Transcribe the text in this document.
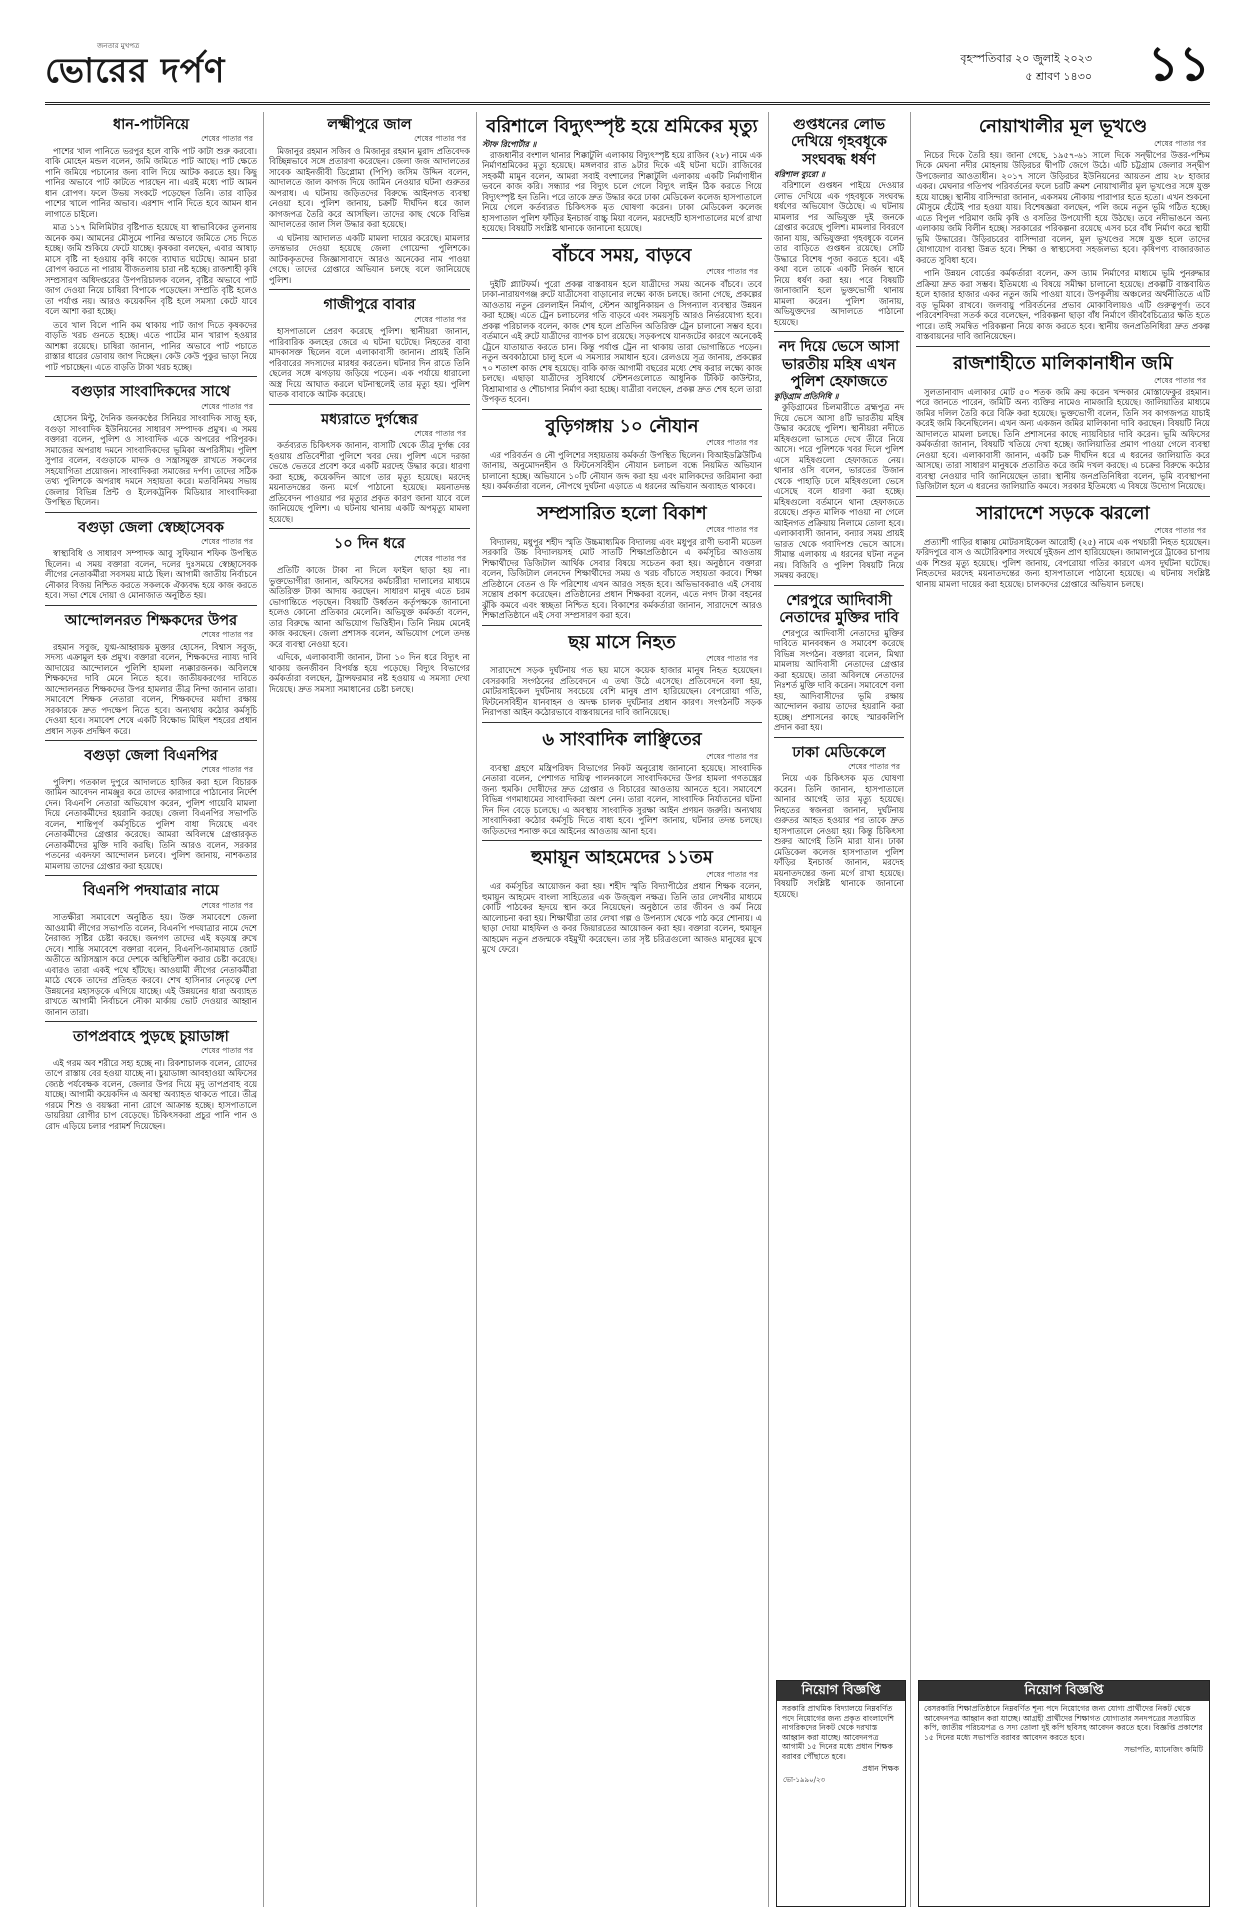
জনতার মুখপত্র
ভোরের দর্পণ	বৃহস্পতিবার ২০ জুলাই ২০২৩
৫ শ্রাবণ ১৪৩০ ১১
ধান-পাটনিয়ে
শেষের পাতার পর

পাশের খাল পানিতে ভরপুর হলে বাকি পাট কাটা শুরু করবো। বাকি মোহেন মন্ডল বলেন, জমি জমিতে পাট আছে। পাট ক্ষেতে পানি জমিয়ে পচানোর জন্য বালি দিয়ে আটক করতে হয়। কিছু পানির অভাবে পাট কাটতে পারছেন না। এরই মধ্যে পাট আমন ধান রোপণ। ফলে উভয় সংকটে পড়েছেন তিনি। তার বাড়ির পাশের খালে পানির অভাব। এরশাদ পানি দিতে হবে আমন ধান লাগাতে চাইলে।

মাত্র ১১৭ মিলিমিটার বৃষ্টিপাত হয়েছে যা স্বাভাবিকের তুলনায় অনেক কম। আমনের মৌসুমে পানির অভাবে জমিতে সেচ দিতে হচ্ছে। জমি শুকিয়ে ফেটে যাচ্ছে। কৃষকরা বলছেন, এবার আষাঢ় মাসে বৃষ্টি না হওয়ায় কৃষি কাজে ব্যাঘাত ঘটেছে। আমন চারা রোপণ করতে না পারায় বীজতলায় চারা নষ্ট হচ্ছে। রাজশাহী কৃষি সম্প্রসারণ অধিদপ্তরের উপপরিচালক বলেন, বৃষ্টির অভাবে পাট জাগ দেওয়া নিয়ে চাষিরা বিপাকে পড়েছেন। সম্প্রতি বৃষ্টি হলেও তা পর্যাপ্ত নয়। আরও কয়েকদিন বৃষ্টি হলে সমস্যা কেটে যাবে বলে আশা করা হচ্ছে।

তবে খাল বিলে পানি কম থাকায় পাট জাগ দিতে কৃষকদের বাড়তি খরচ গুনতে হচ্ছে। এতে পাটের মান খারাপ হওয়ার আশঙ্কা রয়েছে। চাষিরা জানান, পানির অভাবে পাট পচাতে রাস্তার ধারের ডোবায় জাগ দিচ্ছেন। কেউ কেউ পুকুর ভাড়া নিয়ে পাট পচাচ্ছেন। এতে বাড়তি টাকা খরচ হচ্ছে।

বগুড়ার সাংবাদিকদের সাথে
শেষের পাতার পর

হোসেন মিন্টু, দৈনিক জনকণ্ঠের সিনিয়র সাংবাদিক সাজু হক, বগুড়া সাংবাদিক ইউনিয়নের সাধারণ সম্পাদক প্রমুখ। এ সময় বক্তারা বলেন, পুলিশ ও সাংবাদিক একে অপরের পরিপূরক। সমাজের অপরাধ দমনে সাংবাদিকদের ভূমিকা অপরিসীম। পুলিশ সুপার বলেন, বগুড়াকে মাদক ও সন্ত্রাসমুক্ত রাখতে সকলের সহযোগিতা প্রয়োজন। সাংবাদিকরা সমাজের দর্পণ। তাদের সঠিক তথ্য পুলিশকে অপরাধ দমনে সহায়তা করে। মতবিনিময় সভায় জেলার বিভিন্ন প্রিন্ট ও ইলেকট্রনিক মিডিয়ার সাংবাদিকরা উপস্থিত ছিলেন।

বগুড়া জেলা স্বেচ্ছাসেবক
শেষের পাতার পর

স্বাস্থ্যবিধি ও সাধারণ সম্পাদক আবু সুফিয়ান শফিক উপস্থিত ছিলেন। এ সময় বক্তারা বলেন, দলের দুঃসময়ে স্বেচ্ছাসেবক লীগের নেতাকর্মীরা সবসময় মাঠে ছিল। আগামী জাতীয় নির্বাচনে নৌকার বিজয় নিশ্চিত করতে সকলকে ঐক্যবদ্ধ হয়ে কাজ করতে হবে। সভা শেষে দোয়া ও মোনাজাত অনুষ্ঠিত হয়।

আন্দোলনরত শিক্ষকদের উপর
শেষের পাতার পর

রহমান সবুজ, যুগ্ম-আহ্বায়ক মুক্তার হোসেন, বিশ্বাস সবুজ, সদস্য এক্রামুল হক প্রমুখ। বক্তারা বলেন, শিক্ষকদের ন্যায্য দাবি আদায়ের আন্দোলনে পুলিশি হামলা ন্যক্কারজনক। অবিলম্বে শিক্ষকদের দাবি মেনে নিতে হবে। জাতীয়করণের দাবিতে আন্দোলনরত শিক্ষকদের উপর হামলার তীব্র নিন্দা জানান তারা। সমাবেশে শিক্ষক নেতারা বলেন, শিক্ষকদের মর্যাদা রক্ষায় সরকারকে দ্রুত পদক্ষেপ নিতে হবে। অন্যথায় কঠোর কর্মসূচি দেওয়া হবে। সমাবেশ শেষে একটি বিক্ষোভ মিছিল শহরের প্রধান প্রধান সড়ক প্রদক্ষিণ করে।

বগুড়া জেলা বিএনপির
শেষের পাতার পর

পুলিশ। গতকাল দুপুরে আদালতে হাজির করা হলে বিচারক জামিন আবেদন নামঞ্জুর করে তাদের কারাগারে পাঠানোর নির্দেশ দেন। বিএনপি নেতারা অভিযোগ করেন, পুলিশ গায়েবি মামলা দিয়ে নেতাকর্মীদের হয়রানি করছে। জেলা বিএনপির সভাপতি বলেন, শান্তিপূর্ণ কর্মসূচিতে পুলিশ বাধা দিয়েছে এবং নেতাকর্মীদের গ্রেপ্তার করেছে। আমরা অবিলম্বে গ্রেপ্তারকৃত নেতাকর্মীদের মুক্তি দাবি করছি। তিনি আরও বলেন, সরকার পতনের একদফা আন্দোলন চলবে। পুলিশ জানায়, নাশকতার মামলায় তাদের গ্রেপ্তার করা হয়েছে।

বিএনপি পদযাত্রার নামে
শেষের পাতার পর

সাতক্ষীরা সমাবেশে অনুষ্ঠিত হয়। উক্ত সমাবেশে জেলা আওয়ামী লীগের সভাপতি বলেন, বিএনপি পদযাত্রার নামে দেশে নৈরাজ্য সৃষ্টির চেষ্টা করছে। জনগণ তাদের এই ষড়যন্ত্র রুখে দেবে। শান্তি সমাবেশে বক্তারা বলেন, বিএনপি-জামায়াত জোট অতীতে অগ্নিসন্ত্রাস করে দেশকে অস্থিতিশীল করার চেষ্টা করেছে। এবারও তারা একই পথে হাঁটছে। আওয়ামী লীগের নেতাকর্মীরা মাঠে থেকে তাদের প্রতিহত করবে। শেখ হাসিনার নেতৃত্বে দেশ উন্নয়নের মহাসড়কে এগিয়ে যাচ্ছে। এই উন্নয়নের ধারা অব্যাহত রাখতে আগামী নির্বাচনে নৌকা মার্কায় ভোট দেওয়ার আহ্বান জানান তারা।

তাপপ্রবাহে পুড়ছে চুয়াডাঙ্গা
শেষের পাতার পর

এই গরম অব শরীরে সহ্য হচ্ছে না। রিকশাচালক বলেন, রোদের তাপে রাস্তায় বের হওয়া যাচ্ছে না। চুয়াডাঙ্গা আবহাওয়া অফিসের জ্যেষ্ঠ পর্যবেক্ষক বলেন, জেলার উপর দিয়ে মৃদু তাপপ্রবাহ বয়ে যাচ্ছে। আগামী কয়েকদিন এ অবস্থা অব্যাহত থাকতে পারে। তীব্র গরমে শিশু ও বয়স্করা নানা রোগে আক্রান্ত হচ্ছে। হাসপাতালে ডায়রিয়া রোগীর চাপ বেড়েছে। চিকিৎসকরা প্রচুর পানি পান ও রোদ এড়িয়ে চলার পরামর্শ দিয়েছেন।

লক্ষ্মীপুরে জাল
শেষের পাতার পর

মিজানুর রহমান সজিব ও মিজানুর রহমান মুরাদ প্রতিবেদক বিচ্ছিন্নভাবে সঙ্গে প্রতারণা করেছেন। জেলা জজ আদালতের সাবেক আইনজীবী ডিপ্লোমা (পিপি) জসিম উদ্দিন বলেন, আদালতে জাল কাগজ দিয়ে জামিন নেওয়ার ঘটনা গুরুতর অপরাধ। এ ঘটনায় জড়িতদের বিরুদ্ধে আইনগত ব্যবস্থা নেওয়া হবে। পুলিশ জানায়, চক্রটি দীর্ঘদিন ধরে জাল কাগজপত্র তৈরি করে আসছিল। তাদের কাছ থেকে বিভিন্ন আদালতের জাল সিল উদ্ধার করা হয়েছে।

এ ঘটনায় আদালত একটি মামলা দায়ের করেছে। মামলার তদন্তভার দেওয়া হয়েছে জেলা গোয়েন্দা পুলিশকে। আটককৃতদের জিজ্ঞাসাবাদে আরও অনেকের নাম পাওয়া গেছে। তাদের গ্রেপ্তারে অভিযান চলছে বলে জানিয়েছে পুলিশ।

গাজীপুরে বাবার
শেষের পাতার পর

হাসপাতালে প্রেরণ করেছে পুলিশ। স্থানীয়রা জানান, পারিবারিক কলহের জেরে এ ঘটনা ঘটেছে। নিহতের বাবা মাদকাসক্ত ছিলেন বলে এলাকাবাসী জানান। প্রায়ই তিনি পরিবারের সদস্যদের মারধর করতেন। ঘটনার দিন রাতে তিনি ছেলের সঙ্গে ঝগড়ায় জড়িয়ে পড়েন। এক পর্যায়ে ধারালো অস্ত্র দিয়ে আঘাত করলে ঘটনাস্থলেই তার মৃত্যু হয়। পুলিশ ঘাতক বাবাকে আটক করেছে।

মধ্যরাতে দুর্গন্ধের
শেষের পাতার পর

কর্তব্যরত চিকিৎসক জানান, বাসাটি থেকে তীব্র দুর্গন্ধ বের হওয়ায় প্রতিবেশীরা পুলিশে খবর দেয়। পুলিশ এসে দরজা ভেঙে ভেতরে প্রবেশ করে একটি মরদেহ উদ্ধার করে। ধারণা করা হচ্ছে, কয়েকদিন আগে তার মৃত্যু হয়েছে। মরদেহ ময়নাতদন্তের জন্য মর্গে পাঠানো হয়েছে। ময়নাতদন্ত প্রতিবেদন পাওয়ার পর মৃত্যুর প্রকৃত কারণ জানা যাবে বলে জানিয়েছে পুলিশ। এ ঘটনায় থানায় একটি অপমৃত্যু মামলা হয়েছে।

১০ দিন ধরে
শেষের পাতার পর

প্রতিটি কাজে টাকা না দিলে ফাইল ছাড়া হয় না। ভুক্তভোগীরা জানান, অফিসের কর্মচারীরা দালালের মাধ্যমে অতিরিক্ত টাকা আদায় করছেন। সাধারণ মানুষ এতে চরম ভোগান্তিতে পড়ছেন। বিষয়টি উর্ধ্বতন কর্তৃপক্ষকে জানানো হলেও কোনো প্রতিকার মেলেনি। অভিযুক্ত কর্মকর্তা বলেন, তার বিরুদ্ধে আনা অভিযোগ ভিত্তিহীন। তিনি নিয়ম মেনেই কাজ করছেন। জেলা প্রশাসক বলেন, অভিযোগ পেলে তদন্ত করে ব্যবস্থা নেওয়া হবে।

এদিকে, এলাকাবাসী জানান, টানা ১০ দিন ধরে বিদ্যুৎ না থাকায় জনজীবন বিপর্যস্ত হয়ে পড়েছে। বিদ্যুৎ বিভাগের কর্মকর্তারা বলছেন, ট্রান্সফরমার নষ্ট হওয়ায় এ সমস্যা দেখা দিয়েছে। দ্রুত সমস্যা সমাধানের চেষ্টা চলছে।

বরিশালে বিদ্যুৎস্পৃষ্ট হয়ে শ্রমিকের মৃত্যু
স্টাফ রিপোর্টার ॥

রাজধানীর বংশাল থানার শিক্কাটুলি এলাকায় বিদ্যুৎস্পৃষ্ট হয়ে রাজিব (২৮) নামে এক নির্মাণশ্রমিকের মৃত্যু হয়েছে। মঙ্গলবার রাত ৯টার দিকে এই ঘটনা ঘটে। রাজিবের সহকর্মী মামুন বলেন, আমরা সবাই বংশালের শিক্কাটুলি এলাকায় একটি নির্মাণাধীন ভবনে কাজ করি। সন্ধ্যার পর বিদ্যুৎ চলে গেলে বিদ্যুৎ লাইন ঠিক করতে গিয়ে বিদ্যুৎস্পৃষ্ট হন তিনি। পরে তাকে দ্রুত উদ্ধার করে ঢাকা মেডিকেল কলেজ হাসপাতালে নিয়ে গেলে কর্তব্যরত চিকিৎসক মৃত ঘোষণা করেন। ঢাকা মেডিকেল কলেজ হাসপাতাল পুলিশ ফাঁড়ির ইনচার্জ বাচ্চু মিয়া বলেন, মরদেহটি হাসপাতালের মর্গে রাখা হয়েছে। বিষয়টি সংশ্লিষ্ট থানাকে জানানো হয়েছে।

বাঁচবে সময়, বাড়বে
শেষের পাতার পর

দুইটি প্ল্যাটফর্ম। পুরো প্রকল্প বাস্তবায়ন হলে যাত্রীদের সময় অনেক বাঁচবে। তবে ঢাকা-নারায়ণগঞ্জ রুটে যাত্রীসেবা বাড়ানোর লক্ষ্যে কাজ চলছে। জানা গেছে, প্রকল্পের আওতায় নতুন রেললাইন নির্মাণ, স্টেশন আধুনিকায়ন ও সিগন্যাল ব্যবস্থার উন্নয়ন করা হচ্ছে। এতে ট্রেন চলাচলের গতি বাড়বে এবং সময়সূচি আরও নির্ভরযোগ্য হবে। প্রকল্প পরিচালক বলেন, কাজ শেষ হলে প্রতিদিন অতিরিক্ত ট্রেন চালানো সম্ভব হবে। বর্তমানে এই রুটে যাত্রীদের ব্যাপক চাপ রয়েছে। সড়কপথে যানজটের কারণে অনেকেই ট্রেনে যাতায়াত করতে চান। কিন্তু পর্যাপ্ত ট্রেন না থাকায় তারা ভোগান্তিতে পড়েন। নতুন অবকাঠামো চালু হলে এ সমস্যার সমাধান হবে। রেলওয়ে সূত্র জানায়, প্রকল্পের ৭০ শতাংশ কাজ শেষ হয়েছে। বাকি কাজ আগামী বছরের মধ্যে শেষ করার লক্ষ্যে কাজ চলছে। এছাড়া যাত্রীদের সুবিধার্থে স্টেশনগুলোতে আধুনিক টিকিট কাউন্টার, বিশ্রামাগার ও শৌচাগার নির্মাণ করা হচ্ছে। যাত্রীরা বলছেন, প্রকল্প দ্রুত শেষ হলে তারা উপকৃত হবেন।

বুড়িগঙ্গায় ১০ নৌযান
শেষের পাতার পর

এর পরিবর্তন ও নৌ পুলিশের সহায়তায় কর্মকর্তা উপস্থিত ছিলেন। বিআইডব্লিউটিএ জানায়, অনুমোদনহীন ও ফিটনেসবিহীন নৌযান চলাচল বন্ধে নিয়মিত অভিযান চালানো হচ্ছে। অভিযানে ১০টি নৌযান জব্দ করা হয় এবং মালিকদের জরিমানা করা হয়। কর্মকর্তারা বলেন, নৌপথে দুর্ঘটনা এড়াতে এ ধরনের অভিযান অব্যাহত থাকবে।

সম্প্রসারিত হলো বিকাশ
শেষের পাতার পর

বিদ্যালয়, মধুপুর শহীদ স্মৃতি উচ্চমাধ্যমিক বিদ্যালয় এবং মধুপুর রাণী ভবানী মডেল সরকারি উচ্চ বিদ্যালয়সহ মোট সাতটি শিক্ষাপ্রতিষ্ঠানে এ কর্মসূচির আওতায় শিক্ষার্থীদের ডিজিটাল আর্থিক সেবার বিষয়ে সচেতন করা হয়। অনুষ্ঠানে বক্তারা বলেন, ডিজিটাল লেনদেন শিক্ষার্থীদের সময় ও খরচ বাঁচাতে সহায়তা করবে। শিক্ষা প্রতিষ্ঠানে বেতন ও ফি পরিশোধ এখন আরও সহজ হবে। অভিভাবকরাও এই সেবায় সন্তোষ প্রকাশ করেছেন। প্রতিষ্ঠানের প্রধান শিক্ষকরা বলেন, এতে নগদ টাকা বহনের ঝুঁকি কমবে এবং স্বচ্ছতা নিশ্চিত হবে। বিকাশের কর্মকর্তারা জানান, সারাদেশে আরও শিক্ষাপ্রতিষ্ঠানে এই সেবা সম্প্রসারণ করা হবে।

ছয় মাসে নিহত
শেষের পাতার পর

সারাদেশে সড়ক দুর্ঘটনায় গত ছয় মাসে কয়েক হাজার মানুষ নিহত হয়েছেন। বেসরকারি সংগঠনের প্রতিবেদনে এ তথ্য উঠে এসেছে। প্রতিবেদনে বলা হয়, মোটরসাইকেল দুর্ঘটনায় সবচেয়ে বেশি মানুষ প্রাণ হারিয়েছেন। বেপরোয়া গতি, ফিটনেসবিহীন যানবাহন ও অদক্ষ চালক দুর্ঘটনার প্রধান কারণ। সংগঠনটি সড়ক নিরাপত্তা আইন কঠোরভাবে বাস্তবায়নের দাবি জানিয়েছে।

৬ সাংবাদিক লাঞ্ছিতের
শেষের পাতার পর

ব্যবস্থা গ্রহণে মন্ত্রিপরিষদ বিভাগের নিকট অনুরোধ জানানো হয়েছে। সাংবাদিক নেতারা বলেন, পেশাগত দায়িত্ব পালনকালে সাংবাদিকদের উপর হামলা গণতন্ত্রের জন্য হুমকি। দোষীদের দ্রুত গ্রেপ্তার ও বিচারের আওতায় আনতে হবে। সমাবেশে বিভিন্ন গণমাধ্যমের সাংবাদিকরা অংশ নেন। তারা বলেন, সাংবাদিক নির্যাতনের ঘটনা দিন দিন বেড়ে চলেছে। এ অবস্থায় সাংবাদিক সুরক্ষা আইন প্রণয়ন জরুরি। অন্যথায় সাংবাদিকরা কঠোর কর্মসূচি দিতে বাধ্য হবে। পুলিশ জানায়, ঘটনার তদন্ত চলছে। জড়িতদের শনাক্ত করে আইনের আওতায় আনা হবে।

হুমায়ূন আহমেদের ১১তম
শেষের পাতার পর

এর কর্মসূচির আয়োজন করা হয়। শহীদ স্মৃতি বিদ্যাপীঠের প্রধান শিক্ষক বলেন, হুমায়ূন আহমেদ বাংলা সাহিত্যের এক উজ্জ্বল নক্ষত্র। তিনি তার লেখনীর মাধ্যমে কোটি পাঠকের হৃদয়ে স্থান করে নিয়েছেন। অনুষ্ঠানে তার জীবন ও কর্ম নিয়ে আলোচনা করা হয়। শিক্ষার্থীরা তার লেখা গল্প ও উপন্যাস থেকে পাঠ করে শোনায়। এ ছাড়া দোয়া মাহফিল ও কবর জিয়ারতের আয়োজন করা হয়। বক্তারা বলেন, হুমায়ূন আহমেদ নতুন প্রজন্মকে বইমুখী করেছেন। তার সৃষ্ট চরিত্রগুলো আজও মানুষের মুখে মুখে ফেরে।

গুপ্তধনের লোভ দেখিয়ে গৃহবধূকে সংঘবদ্ধ ধর্ষণ
বরিশাল ব্যুরো ॥

বরিশালে গুপ্তধন পাইয়ে দেওয়ার লোভ দেখিয়ে এক গৃহবধূকে সংঘবদ্ধ ধর্ষণের অভিযোগ উঠেছে। এ ঘটনায় মামলার পর অভিযুক্ত দুই জনকে গ্রেপ্তার করেছে পুলিশ। মামলার বিবরণে জানা যায়, অভিযুক্তরা গৃহবধূকে বলেন তার বাড়িতে গুপ্তধন রয়েছে। সেটি উদ্ধারে বিশেষ পূজা করতে হবে। এই কথা বলে তাকে একটি নির্জন স্থানে নিয়ে ধর্ষণ করা হয়। পরে বিষয়টি জানাজানি হলে ভুক্তভোগী থানায় মামলা করেন। পুলিশ জানায়, অভিযুক্তদের আদালতে পাঠানো হয়েছে।

নদ দিয়ে ভেসে আসা ভারতীয় মহিষ এখন পুলিশ হেফাজতে
কুড়িগ্রাম প্রতিনিধি ॥

কুড়িগ্রামের চিলমারীতে ব্রহ্মপুত্র নদ দিয়ে ভেসে আসা ৪টি ভারতীয় মহিষ উদ্ধার করেছে পুলিশ। স্থানীয়রা নদীতে মহিষগুলো ভাসতে দেখে তীরে নিয়ে আসে। পরে পুলিশকে খবর দিলে পুলিশ এসে মহিষগুলো হেফাজতে নেয়। থানার ওসি বলেন, ভারতের উজান থেকে পাহাড়ি ঢলে মহিষগুলো ভেসে এসেছে বলে ধারণা করা হচ্ছে। মহিষগুলো বর্তমানে থানা হেফাজতে রয়েছে। প্রকৃত মালিক পাওয়া না গেলে আইনগত প্রক্রিয়ায় নিলামে তোলা হবে। এলাকাবাসী জানান, বন্যার সময় প্রায়ই ভারত থেকে গবাদিপশু ভেসে আসে। সীমান্ত এলাকায় এ ধরনের ঘটনা নতুন নয়। বিজিবি ও পুলিশ বিষয়টি নিয়ে সমন্বয় করছে।

শেরপুরে আদিবাসী নেতাদের মুক্তির দাবি

শেরপুরে আদিবাসী নেতাদের মুক্তির দাবিতে মানববন্ধন ও সমাবেশ করেছে বিভিন্ন সংগঠন। বক্তারা বলেন, মিথ্যা মামলায় আদিবাসী নেতাদের গ্রেপ্তার করা হয়েছে। তারা অবিলম্বে নেতাদের নিঃশর্ত মুক্তি দাবি করেন। সমাবেশে বলা হয়, আদিবাসীদের ভূমি রক্ষায় আন্দোলন করায় তাদের হয়রানি করা হচ্ছে। প্রশাসনের কাছে স্মারকলিপি প্রদান করা হয়।

ঢাকা মেডিকেলে
শেষের পাতার পর

নিয়ে এক চিকিৎসক মৃত ঘোষণা করেন। তিনি জানান, হাসপাতালে আনার আগেই তার মৃত্যু হয়েছে। নিহতের স্বজনরা জানান, দুর্ঘটনায় গুরুতর আহত হওয়ার পর তাকে দ্রুত হাসপাতালে নেওয়া হয়। কিন্তু চিকিৎসা শুরুর আগেই তিনি মারা যান। ঢাকা মেডিকেল কলেজ হাসপাতাল পুলিশ ফাঁড়ির ইনচার্জ জানান, মরদেহ ময়নাতদন্তের জন্য মর্গে রাখা হয়েছে। বিষয়টি সংশ্লিষ্ট থানাকে জানানো হয়েছে।

নোয়াখালীর মূল ভূখণ্ডে
শেষের পাতার পর

নিচের দিকে তৈরি হয়। জানা গেছে, ১৯৫৭-৬১ সালে দিকে সন্দ্বীপের উত্তর-পশ্চিম দিকে মেঘনা নদীর মোহনায় উড়িরচর দ্বীপটি জেগে উঠে। এটি চট্টগ্রাম জেলার সন্দ্বীপ উপজেলার আওতাধীন। ২০১৭ সালে উড়িরচর ইউনিয়নের আয়তন প্রায় ২৮ হাজার একর। মেঘনার গতিপথ পরিবর্তনের ফলে চরটি ক্রমশ নোয়াখালীর মূল ভূখণ্ডের সঙ্গে যুক্ত হয়ে যাচ্ছে। স্থানীয় বাসিন্দারা জানান, একসময় নৌকায় পারাপার হতে হতো। এখন শুকনো মৌসুমে হেঁটেই পার হওয়া যায়। বিশেষজ্ঞরা বলছেন, পলি জমে নতুন ভূমি গঠিত হচ্ছে। এতে বিপুল পরিমাণ জমি কৃষি ও বসতির উপযোগী হয়ে উঠছে। তবে নদীভাঙনে অন্য এলাকায় জমি বিলীন হচ্ছে। সরকারের পরিকল্পনা রয়েছে এসব চরে বাঁধ নির্মাণ করে স্থায়ী ভূমি উদ্ধারের। উড়িরচরের বাসিন্দারা বলেন, মূল ভূখণ্ডের সঙ্গে যুক্ত হলে তাদের যোগাযোগ ব্যবস্থা উন্নত হবে। শিক্ষা ও স্বাস্থ্যসেবা সহজলভ্য হবে। কৃষিপণ্য বাজারজাত করতে সুবিধা হবে।

পানি উন্নয়ন বোর্ডের কর্মকর্তারা বলেন, ক্রস ড্যাম নির্মাণের মাধ্যমে ভূমি পুনরুদ্ধার প্রক্রিয়া দ্রুত করা সম্ভব। ইতিমধ্যে এ বিষয়ে সমীক্ষা চালানো হয়েছে। প্রকল্পটি বাস্তবায়িত হলে হাজার হাজার একর নতুন জমি পাওয়া যাবে। উপকূলীয় অঞ্চলের অর্থনীতিতে এটি বড় ভূমিকা রাখবে। জলবায়ু পরিবর্তনের প্রভাব মোকাবিলায়ও এটি গুরুত্বপূর্ণ। তবে পরিবেশবিদরা সতর্ক করে বলেছেন, পরিকল্পনা ছাড়া বাঁধ নির্মাণে জীববৈচিত্র্যের ক্ষতি হতে পারে। তাই সমন্বিত পরিকল্পনা নিয়ে কাজ করতে হবে। স্থানীয় জনপ্রতিনিধিরা দ্রুত প্রকল্প বাস্তবায়নের দাবি জানিয়েছেন।

রাজশাহীতে মালিকানাধীন জমি
শেষের পাতার পর

সুলতানাবাদ এলাকার মোট ৫০ শতক জমি ক্রয় করেন খন্দকার মোস্তাফেকুর রহমান। পরে জানতে পারেন, জমিটি অন্য ব্যক্তির নামেও নামজারি হয়েছে। জালিয়াতির মাধ্যমে জমির দলিল তৈরি করে বিক্রি করা হয়েছে। ভুক্তভোগী বলেন, তিনি সব কাগজপত্র যাচাই করেই জমি কিনেছিলেন। এখন অন্য একজন জমির মালিকানা দাবি করছেন। বিষয়টি নিয়ে আদালতে মামলা চলছে। তিনি প্রশাসনের কাছে ন্যায়বিচার দাবি করেন। ভূমি অফিসের কর্মকর্তারা জানান, বিষয়টি খতিয়ে দেখা হচ্ছে। জালিয়াতির প্রমাণ পাওয়া গেলে ব্যবস্থা নেওয়া হবে। এলাকাবাসী জানান, একটি চক্র দীর্ঘদিন ধরে এ ধরনের জালিয়াতি করে আসছে। তারা সাধারণ মানুষকে প্রতারিত করে জমি দখল করছে। এ চক্রের বিরুদ্ধে কঠোর ব্যবস্থা নেওয়ার দাবি জানিয়েছেন তারা। স্থানীয় জনপ্রতিনিধিরা বলেন, ভূমি ব্যবস্থাপনা ডিজিটাল হলে এ ধরনের জালিয়াতি কমবে। সরকার ইতিমধ্যে এ বিষয়ে উদ্যোগ নিয়েছে।

সারাদেশে সড়কে ঝরলো
শেষের পাতার পর

প্রত্যাশী গাড়ির ধাক্কায় মোটরসাইকেল আরোহী (২৫) নামে এক পথচারী নিহত হয়েছেন। ফরিদপুরে বাস ও অটোরিকশার সংঘর্ষে দুইজন প্রাণ হারিয়েছেন। জামালপুরে ট্রাকের চাপায় এক শিশুর মৃত্যু হয়েছে। পুলিশ জানায়, বেপরোয়া গতির কারণে এসব দুর্ঘটনা ঘটেছে। নিহতদের মরদেহ ময়নাতদন্তের জন্য হাসপাতালে পাঠানো হয়েছে। এ ঘটনায় সংশ্লিষ্ট থানায় মামলা দায়ের করা হয়েছে। চালকদের গ্রেপ্তারে অভিযান চলছে।

নিয়োগ বিজ্ঞপ্তি

সরকারি প্রাথমিক বিদ্যালয়ে নিম্নবর্ণিত পদে নিয়োগের জন্য প্রকৃত বাংলাদেশি নাগরিকদের নিকট থেকে দরখাস্ত আহ্বান করা যাচ্ছে। আবেদনপত্র আগামী ১৫ দিনের মধ্যে প্রধান শিক্ষক বরাবর পৌঁছাতে হবে।

প্রধান শিক্ষক
ভো-১৯৯০/২৩
নিয়োগ বিজ্ঞপ্তি

বেসরকারি শিক্ষাপ্রতিষ্ঠানে নিম্নবর্ণিত শূন্য পদে নিয়োগের জন্য যোগ্য প্রার্থীদের নিকট থেকে আবেদনপত্র আহ্বান করা যাচ্ছে। আগ্রহী প্রার্থীদের শিক্ষাগত যোগ্যতার সনদপত্রের সত্যায়িত কপি, জাতীয় পরিচয়পত্র ও সদ্য তোলা দুই কপি ছবিসহ আবেদন করতে হবে। বিজ্ঞপ্তি প্রকাশের ১৫ দিনের মধ্যে সভাপতি বরাবর আবেদন করতে হবে।

সভাপতি, ম্যানেজিং কমিটি
